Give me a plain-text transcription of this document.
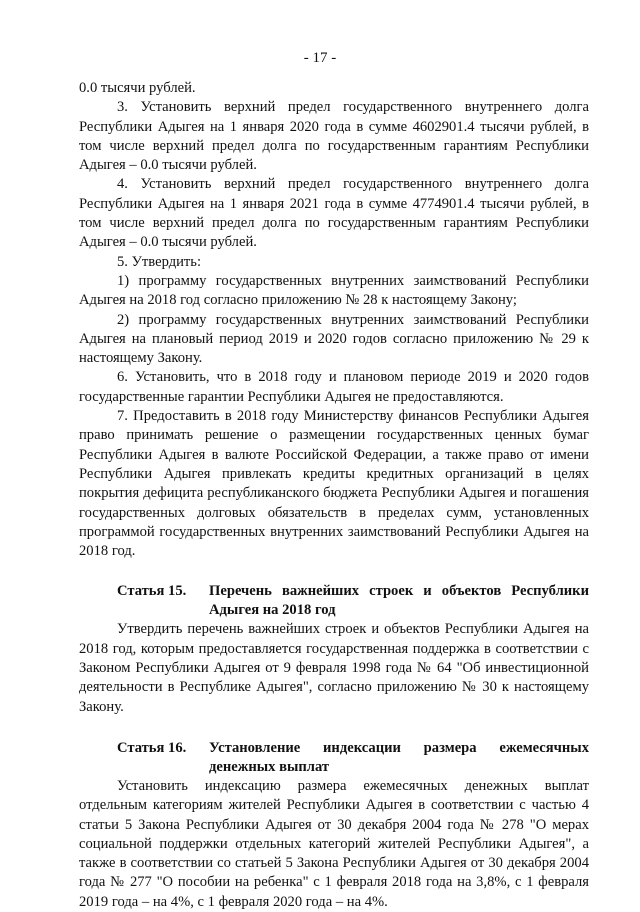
- 17 -

0.0 тысячи рублей.

3. Установить верхний предел государственного внутреннего долга Республики Адыгея на 1 января 2020 года в сумме 4602901.4 тысячи рублей, в том числе верхний предел долга по государственным гарантиям Республики Адыгея – 0.0 тысячи рублей.

4. Установить верхний предел государственного внутреннего долга Республики Адыгея на 1 января 2021 года в сумме 4774901.4 тысячи рублей, в том числе верхний предел долга по государственным гарантиям Республики Адыгея – 0.0 тысячи рублей.

5. Утвердить:

1) программу государственных внутренних заимствований Республики Адыгея на 2018 год согласно приложению № 28 к настоящему Закону;

2) программу государственных внутренних заимствований Республики Адыгея на плановый период 2019 и 2020 годов согласно приложению № 29 к настоящему Закону.

6. Установить, что в 2018 году и плановом периоде 2019 и 2020 годов государственные гарантии Республики Адыгея не предоставляются.

7. Предоставить в 2018 году Министерству финансов Республики Адыгея право принимать решение о размещении государственных ценных бумаг Республики Адыгея в валюте Российской Федерации, а также право от имени Республики Адыгея привлекать кредиты кредитных организаций в целях покрытия дефицита республиканского бюджета Республики Адыгея и погашения государственных долговых обязательств в пределах сумм, установленных программой государственных внутренних заимствований Республики Адыгея на 2018 год.

Статья 15.	Перечень важнейших строек и объектов Республики Адыгея на 2018 год

Утвердить перечень важнейших строек и объектов Республики Адыгея на 2018 год, которым предоставляется государственная поддержка в соответствии с Законом Республики Адыгея от 9 февраля 1998 года № 64 "Об инвестиционной деятельности в Республике Адыгея", согласно приложению № 30 к настоящему Закону.

Статья 16.	Установление индексации размера ежемесячных денежных выплат

Установить индексацию размера ежемесячных денежных выплат отдельным категориям жителей Республики Адыгея в соответствии с частью 4 статьи 5 Закона Республики Адыгея от 30 декабря 2004 года № 278 "О мерах социальной поддержки отдельных категорий жителей Республики Адыгея", а также в соответствии со статьей 5 Закона Республики Адыгея от 30 декабря 2004 года № 277 "О пособии на ребенка" с 1 февраля 2018 года на 3,8%, с 1 февраля 2019 года – на 4%, с 1 февраля 2020 года – на 4%.
